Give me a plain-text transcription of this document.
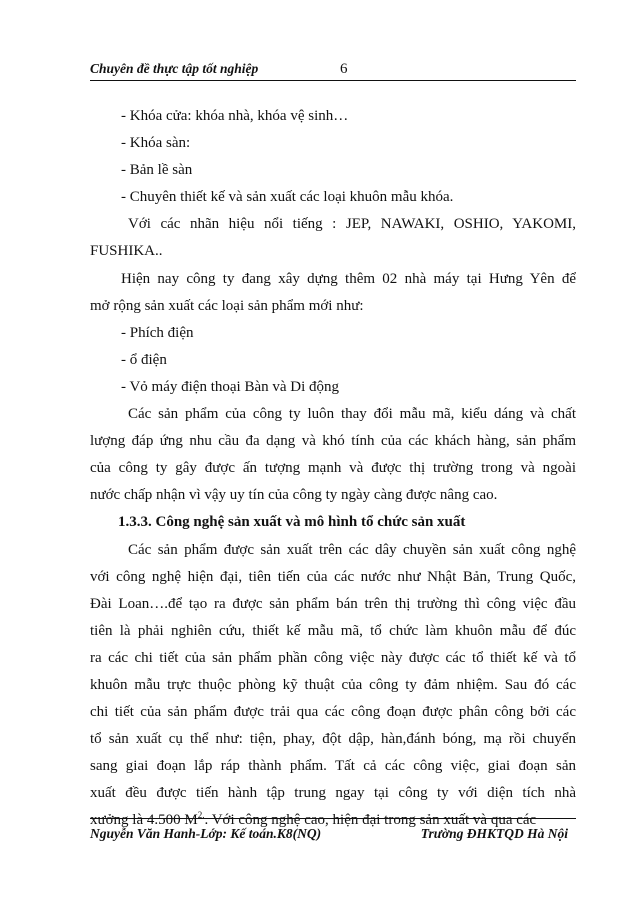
Chuyên đề thực tập tốt nghiệp	6
- Khóa cửa: khóa nhà, khóa vệ sinh…
- Khóa sàn:
- Bản lề sàn
- Chuyên thiết kế và sản xuất các loại khuôn mẫu khóa.
Với các nhãn hiệu nổi tiếng : JEP, NAWAKI, OSHIO, YAKOMI,
FUSHIKA..
Hiện nay công ty đang xây dựng thêm 02 nhà máy tại Hưng Yên để
mở rộng sản xuất các loại sản phẩm mới như:
- Phích điện
- ổ điện
- Vỏ máy điện thoại Bàn và Di động
Các sản phẩm của công ty luôn thay đổi mẫu mã, kiểu dáng và chất
lượng đáp ứng nhu cầu đa dạng và khó tính của các khách hàng, sản phẩm
của công ty gây được ấn tượng mạnh và được thị trường trong và ngoài
nước chấp nhận vì vậy uy tín của công ty ngày càng được nâng cao.
1.3.3. Công nghệ sản xuất và mô hình tổ chức sản xuất
Các sản phẩm được sản xuất trên các dây chuyền sản xuất công nghệ
với công nghệ hiện đại, tiên tiến của các nước như Nhật Bản, Trung Quốc,
Đài Loan….để tạo ra được sản phẩm bán trên thị trường thì công việc đầu
tiên là phải nghiên cứu, thiết kế mẫu mã, tổ chức làm khuôn mẫu để đúc
ra các chi tiết của sản phẩm phần công việc này được các tổ thiết kế và tổ
khuôn mẫu trực thuộc phòng kỹ thuật của công ty đảm nhiệm. Sau đó các
chi tiết của sản phẩm được trải qua các công đoạn được phân công bởi các
tổ sản xuất cụ thể như: tiện, phay, đột dập, hàn,đánh bóng, mạ rồi chuyển
sang giai đoạn lắp ráp thành phẩm. Tất cả các công việc, giai đoạn sản
xuất đều được tiến hành tập trung ngay tại công ty với diện tích nhà
xưởng là 4.500 $M^{2.}$. Với công nghệ cao, hiện đại trong sản xuất và qua các
Nguyễn Văn Hanh-Lớp: Kế toán.K8(NQ)	Trường ĐHKTQD Hà Nội
